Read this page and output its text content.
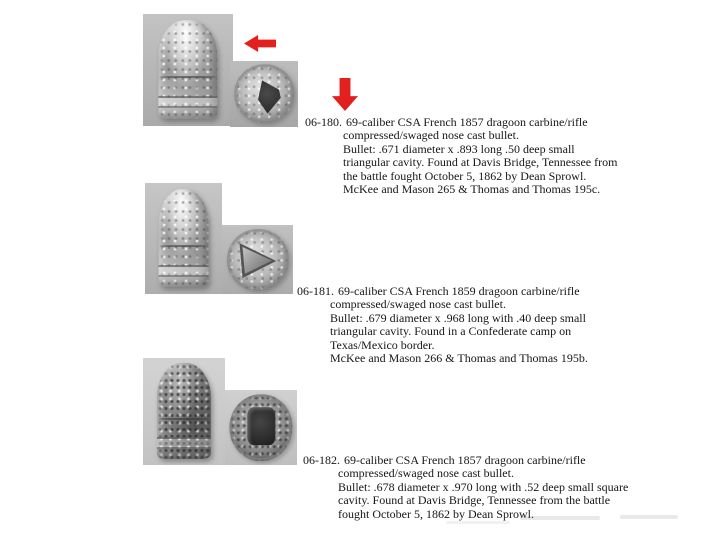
06-180. 69-caliber CSA French 1857 dragoon carbine/rifle
compressed/swaged nose cast bullet.
Bullet: .671 diameter x .893 long .50 deep small
triangular cavity. Found at Davis Bridge, Tennessee from
the battle fought October 5, 1862 by Dean Sprowl.
McKee and Mason 265 & Thomas and Thomas 195c.
06-181. 69-caliber CSA French 1859 dragoon carbine/rifle
compressed/swaged nose cast bullet.
Bullet: .679 diameter x .968 long with .40 deep small
triangular cavity. Found in a Confederate camp on
Texas/Mexico border.
McKee and Mason 266 & Thomas and Thomas 195b.
06-182. 69-caliber CSA French 1857 dragoon carbine/rifle
compressed/swaged nose cast bullet.
Bullet: .678 diameter x .970 long with .52 deep small square
cavity. Found at Davis Bridge, Tennessee from the battle
fought October 5, 1862 by Dean Sprowl.
